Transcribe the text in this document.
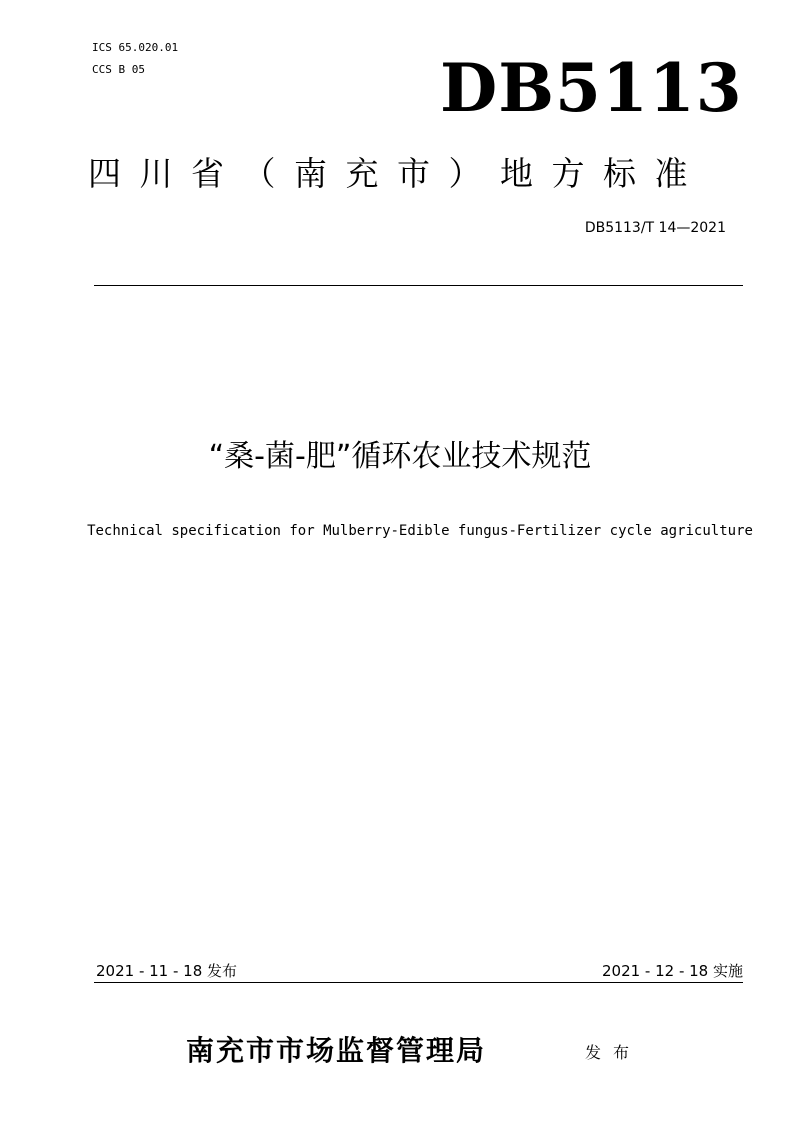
ICS 65.020.01
CCS B 05	DB5113
四川省（南充市）地方标准
DB5113/T 14—2021
“桑-菌-肥”循环农业技术规范
Technical specification for Mulberry-Edible fungus-Fertilizer cycle agriculture
2021 - 11 - 18 发布	2021 - 12 - 18 实施
南充市市场监督管理局	发布
